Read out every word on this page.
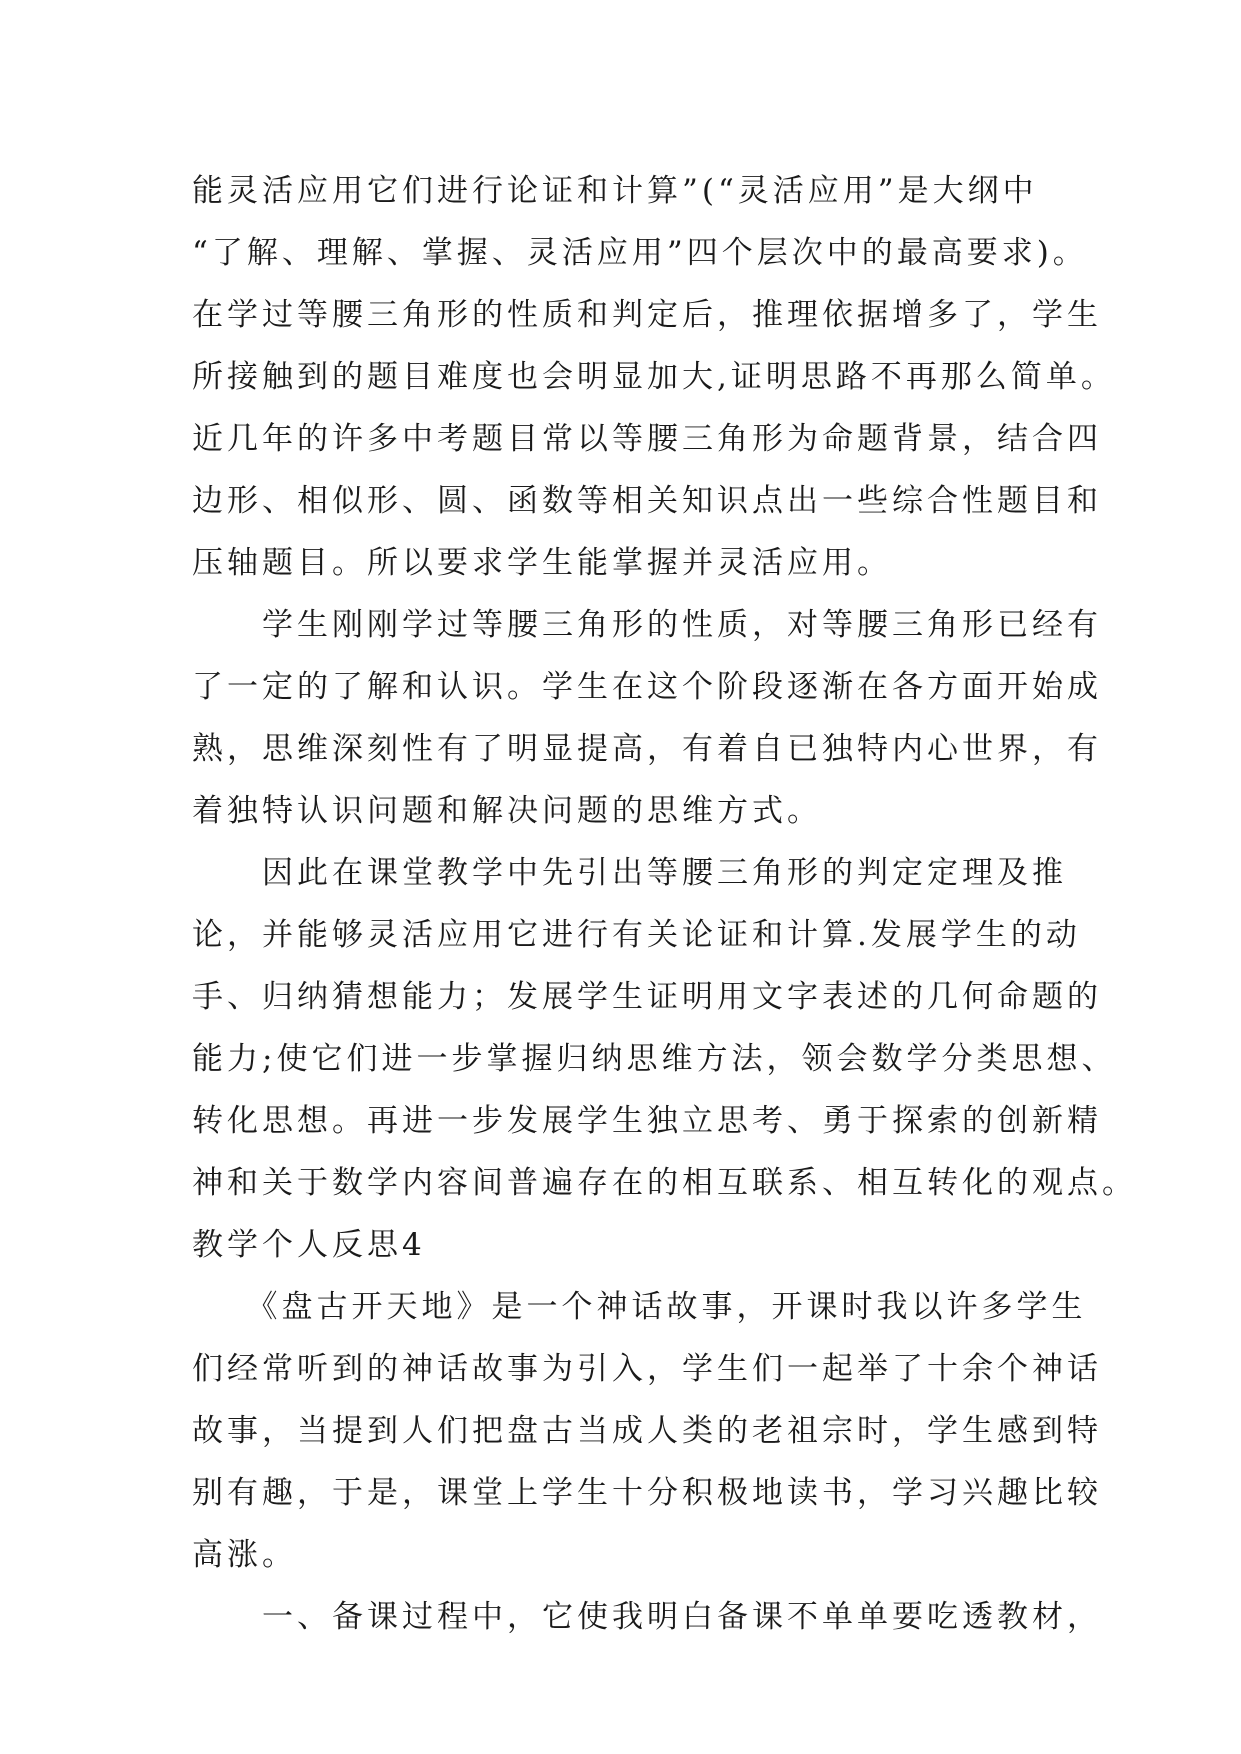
能灵活应用它们进行论证和计算”(“灵活应用”是大纲中
“了解、理解、掌握、灵活应用”四个层次中的最高要求)。
在学过等腰三角形的性质和判定后，推理依据增多了，学生
所接触到的题目难度也会明显加大,证明思路不再那么简单。
近几年的许多中考题目常以等腰三角形为命题背景，结合四
边形、相似形、圆、函数等相关知识点出一些综合性题目和
压轴题目。所以要求学生能掌握并灵活应用。
　　学生刚刚学过等腰三角形的性质，对等腰三角形已经有
了一定的了解和认识。学生在这个阶段逐渐在各方面开始成
熟，思维深刻性有了明显提高，有着自已独特内心世界，有
着独特认识问题和解决问题的思维方式。
　　因此在课堂教学中先引出等腰三角形的判定定理及推
论，并能够灵活应用它进行有关论证和计算.发展学生的动
手、归纳猜想能力；发展学生证明用文字表述的几何命题的
能力;使它们进一步掌握归纳思维方法，领会数学分类思想、
转化思想。再进一步发展学生独立思考、勇于探索的创新精
神和关于数学内容间普遍存在的相互联系、相互转化的观点。
教学个人反思4
　　《盘古开天地》是一个神话故事，开课时我以许多学生
们经常听到的神话故事为引入，学生们一起举了十余个神话
故事，当提到人们把盘古当成人类的老祖宗时，学生感到特
别有趣，于是，课堂上学生十分积极地读书，学习兴趣比较
高涨。
　　一、备课过程中，它使我明白备课不单单要吃透教材，
